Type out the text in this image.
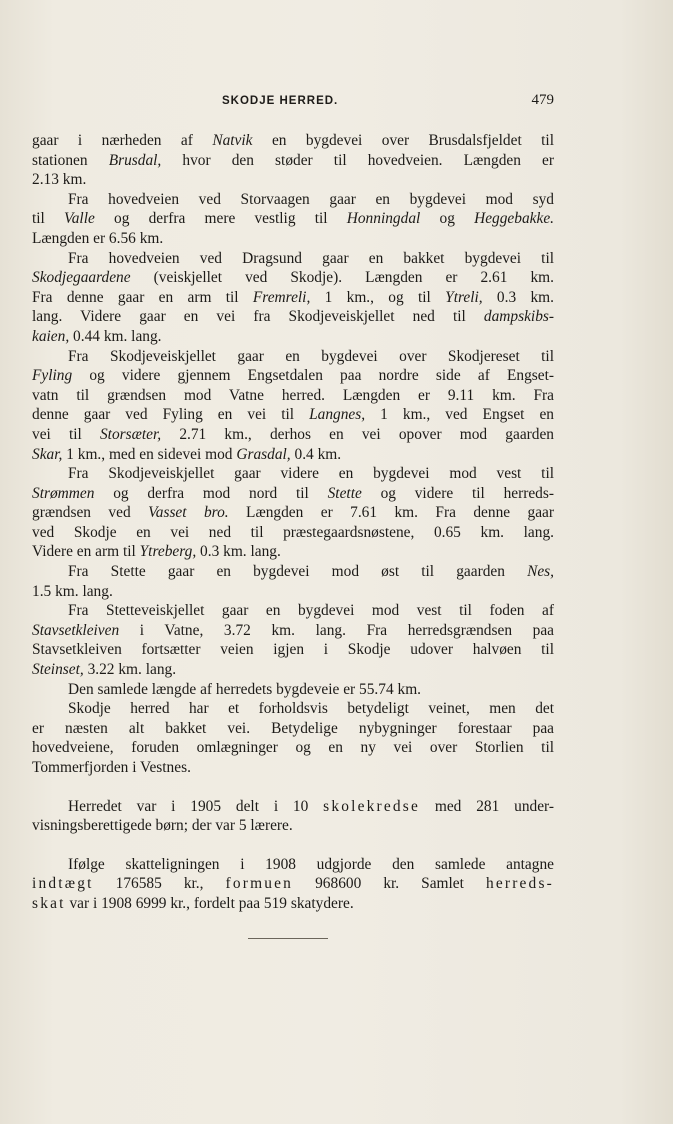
SKODJE HERRED.	479
gaar i nærheden af Natvik en bygdevei over Brusdalsfjeldet til
stationen Brusdal, hvor den støder til hovedveien. Længden er
2.13 km.
Fra hovedveien ved Storvaagen gaar en bygdevei mod syd
til Valle og derfra mere vestlig til Honningdal og Heggebakke.
Længden er 6.56 km.
Fra hovedveien ved Dragsund gaar en bakket bygdevei til
Skodjegaardene (veiskjellet ved Skodje). Længden er 2.61 km.
Fra denne gaar en arm til Fremreli, 1 km., og til Ytreli, 0.3 km.
lang. Videre gaar en vei fra Skodjeveiskjellet ned til dampskibs-
kaien, 0.44 km. lang.
Fra Skodjeveiskjellet gaar en bygdevei over Skodjereset til
Fyling og videre gjennem Engsetdalen paa nordre side af Engset-
vatn til grændsen mod Vatne herred. Længden er 9.11 km. Fra
denne gaar ved Fyling en vei til Langnes, 1 km., ved Engset en
vei til Storsæter, 2.71 km., derhos en vei opover mod gaarden
Skar, 1 km., med en sidevei mod Grasdal, 0.4 km.
Fra Skodjeveiskjellet gaar videre en bygdevei mod vest til
Strømmen og derfra mod nord til Stette og videre til herreds-
grændsen ved Vasset bro. Længden er 7.61 km. Fra denne gaar
ved Skodje en vei ned til præstegaardsnøstene, 0.65 km. lang.
Videre en arm til Ytreberg, 0.3 km. lang.
Fra Stette gaar en bygdevei mod øst til gaarden Nes,
1.5 km. lang.
Fra Stetteveiskjellet gaar en bygdevei mod vest til foden af
Stavsetkleiven i Vatne, 3.72 km. lang. Fra herredsgrændsen paa
Stavsetkleiven fortsætter veien igjen i Skodje udover halvøen til
Steinset, 3.22 km. lang.
Den samlede længde af herredets bygdeveie er 55.74 km.
Skodje herred har et forholdsvis betydeligt veinet, men det
er næsten alt bakket vei. Betydelige nybygninger forestaar paa
hovedveiene, foruden omlægninger og en ny vei over Storlien til
Tommerfjorden i Vestnes.
Herredet var i 1905 delt i 10 skolekredse med 281 under-
visningsberettigede børn; der var 5 lærere.
Ifølge skatteligningen i 1908 udgjorde den samlede antagne
indtægt 176585 kr., formuen 968600 kr. Samlet herreds-
skat var i 1908 6999 kr., fordelt paa 519 skatydere.
